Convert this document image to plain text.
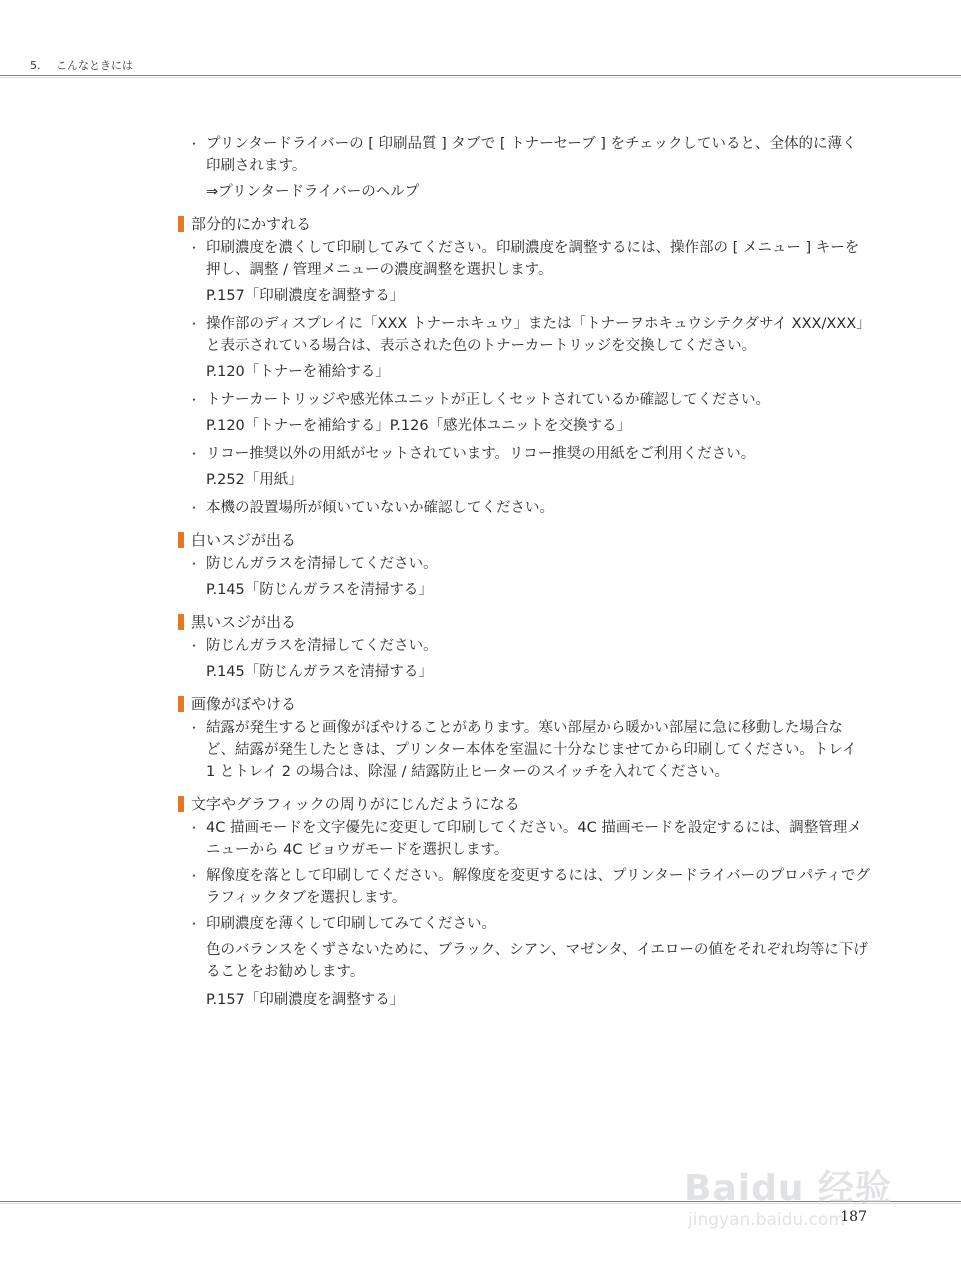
5. こんなときには
・ プリンタードライバーの [ 印刷品質 ] タブで [ トナーセーブ ] をチェックしていると、全体的に薄く印刷されます。
⇒プリンタードライバーのヘルプ
部分的にかすれる
・ 印刷濃度を濃くして印刷してみてください。印刷濃度を調整するには、操作部の [ メニュー ] キーを押し、調整 / 管理メニューの濃度調整を選択します。
P.157「印刷濃度を調整する」
・ 操作部のディスプレイに「XXX トナーホキュウ」または「トナーヲホキュウシテクダサイ XXX/XXX」と表示されている場合は、表示された色のトナーカートリッジを交換してください。
P.120「トナーを補給する」
・ トナーカートリッジや感光体ユニットが正しくセットされているか確認してください。
P.120「トナーを補給する」P.126「感光体ユニットを交換する」
・ リコー推奨以外の用紙がセットされています。リコー推奨の用紙をご利用ください。
P.252「用紙」
・ 本機の設置場所が傾いていないか確認してください。
白いスジが出る
・ 防じんガラスを清掃してください。
P.145「防じんガラスを清掃する」
黒いスジが出る
・ 防じんガラスを清掃してください。
P.145「防じんガラスを清掃する」
画像がぼやける
・ 結露が発生すると画像がぼやけることがあります。寒い部屋から暖かい部屋に急に移動した場合など、結露が発生したときは、プリンター本体を室温に十分なじませてから印刷してください。トレイ 1 とトレイ 2 の場合は、除湿 / 結露防止ヒーターのスイッチを入れてください。
文字やグラフィックの周りがにじんだようになる
・ 4C 描画モードを文字優先に変更して印刷してください。4C 描画モードを設定するには、調整管理メニューから 4C ビョウガモードを選択します。
・ 解像度を落として印刷してください。解像度を変更するには、プリンタードライバーのプロパティでグラフィックタブを選択します。
・ 印刷濃度を薄くして印刷してみてください。
色のバランスをくずさないために、ブラック、シアン、マゼンタ、イエローの値をそれぞれ均等に下げることをお勧めします。
P.157「印刷濃度を調整する」
187
Baidu 经验
jingyan.baidu.com
